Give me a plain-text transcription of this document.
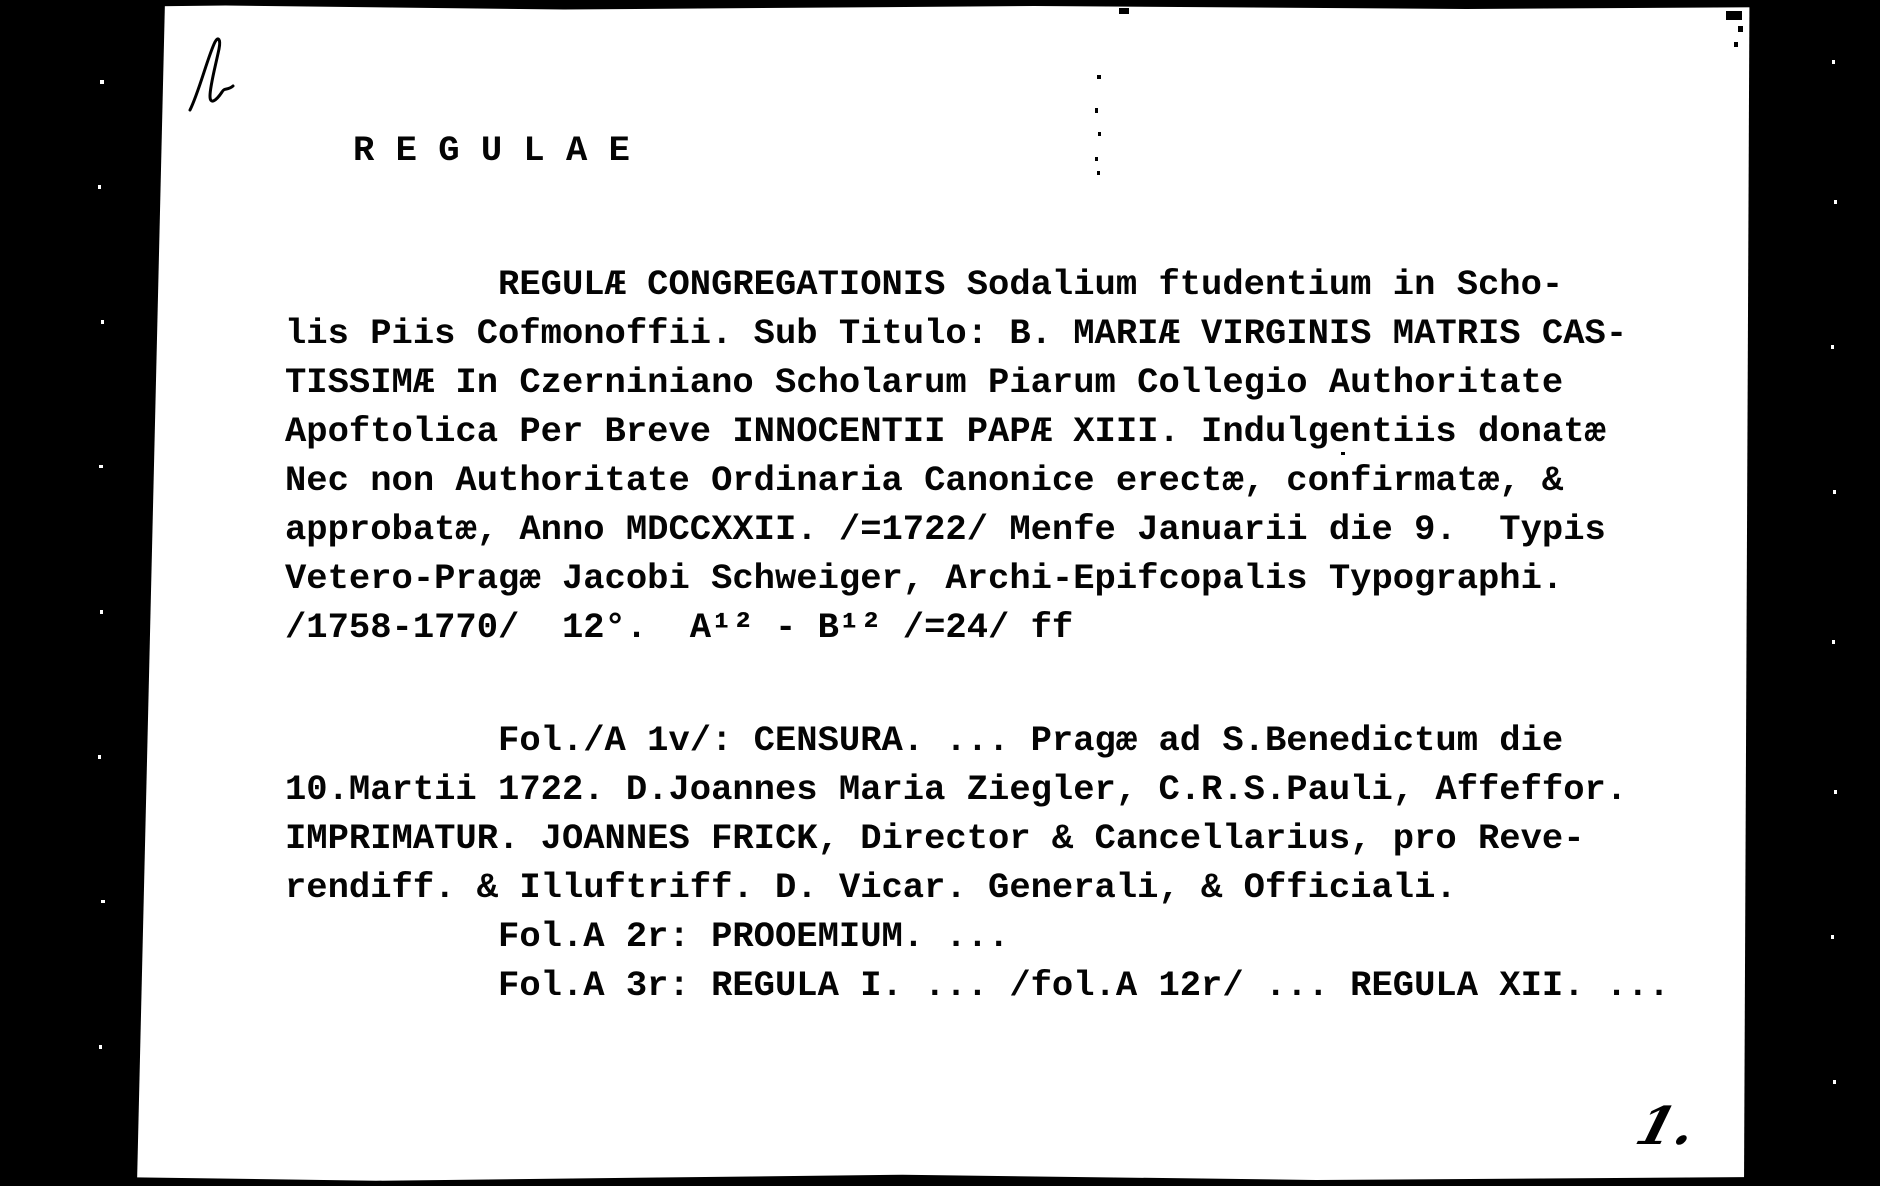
R E G U L A E
REGULÆ CONGREGATIONIS Sodalium ftudentium in Scho-
lis Piis Cofmonoffii. Sub Titulo: B. MARIÆ VIRGINIS MATRIS CAS-
TISSIMÆ In Czerniniano Scholarum Piarum Collegio Authoritate
Apoftolica Per Breve INNOCENTII PAPÆ XIII. Indulgentiis donatæ
Nec non Authoritate Ordinaria Canonice erectæ, confirmatæ, &
approbatæ, Anno MDCCXXII. /=1722/ Menfe Januarii die 9.  Typis
Vetero-Pragæ Jacobi Schweiger, Archi-Epifcopalis Typographi.
/1758-1770/  12°.  A¹² - B¹² /=24/ ff
Fol./A 1v/: CENSURA. ... Pragæ ad S.Benedictum die
10.Martii 1722. D.Joannes Maria Ziegler, C.R.S.Pauli, Affeffor.
IMPRIMATUR. JOANNES FRICK, Director & Cancellarius, pro Reve-
rendiff. & Illuftriff. D. Vicar. Generali, & Officiali.
Fol.A 2r: PROOEMIUM. ...
Fol.A 3r: REGULA I. ... /fol.A 12r/ ... REGULA XII. ...
1.
